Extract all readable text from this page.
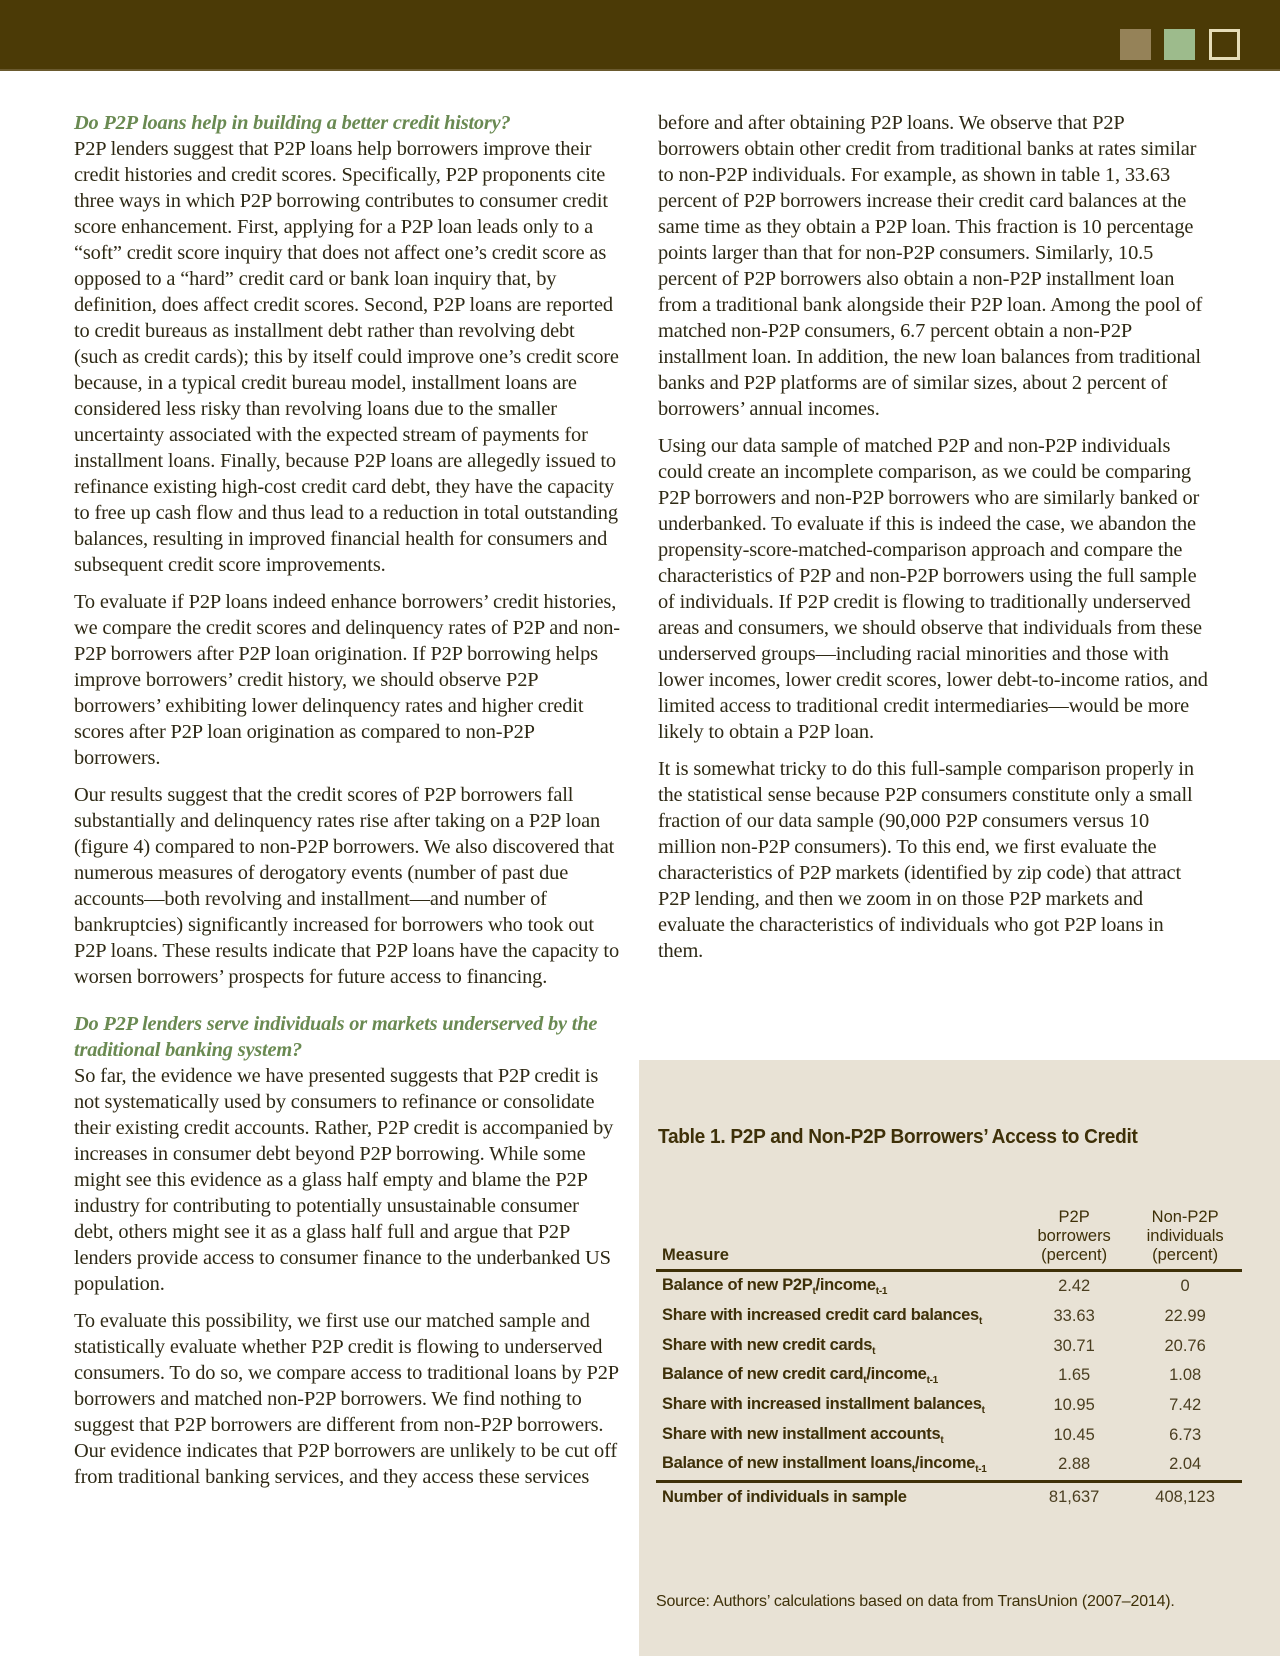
Do P2P loans help in building a better credit history?

P2P lenders suggest that P2P loans help borrowers improve their credit histories and credit scores. Specifically, P2P proponents cite three ways in which P2P borrowing contributes to consumer credit score enhancement. First, applying for a P2P loan leads only to a “soft” credit score inquiry that does not affect one’s credit score as opposed to a “hard” credit card or bank loan inquiry that, by definition, does affect credit scores. Second, P2P loans are reported to credit bureaus as installment debt rather than revolving debt (such as credit cards); this by itself could improve one’s credit score because, in a typical credit bureau model, installment loans are considered less risky than revolving loans due to the smaller uncertainty associated with the expected stream of payments for installment loans. Finally, because P2P loans are allegedly issued to refinance existing high-cost credit card debt, they have the capacity to free up cash flow and thus lead to a reduction in total outstanding balances, resulting in improved financial health for consumers and subsequent credit score improvements.

To evaluate if P2P loans indeed enhance borrowers’ credit histories, we compare the credit scores and delinquency rates of P2P and non-P2P borrowers after P2P loan origination. If P2P borrowing helps improve borrowers’ credit history, we should observe P2P borrowers’ exhibiting lower delinquency rates and higher credit scores after P2P loan origination as compared to non-P2P borrowers.

Our results suggest that the credit scores of P2P borrowers fall substantially and delinquency rates rise after taking on a P2P loan (figure 4) compared to non-P2P borrowers. We also discovered that numerous measures of derogatory events (number of past due accounts—both revolving and installment—and number of bankruptcies) significantly increased for borrowers who took out P2P loans. These results indicate that P2P loans have the capacity to worsen borrowers’ prospects for future access to financing.

Do P2P lenders serve individuals or markets underserved by the traditional banking system?

So far, the evidence we have presented suggests that P2P credit is not systematically used by consumers to refinance or consolidate their existing credit accounts. Rather, P2P credit is accompanied by increases in consumer debt beyond P2P borrowing. While some might see this evidence as a glass half empty and blame the P2P industry for contributing to potentially unsustainable consumer debt, others might see it as a glass half full and argue that P2P lenders provide access to consumer finance to the underbanked US population.

To evaluate this possibility, we first use our matched sample and statistically evaluate whether P2P credit is flowing to underserved consumers. To do so, we compare access to traditional loans by P2P borrowers and matched non-P2P borrowers. We find nothing to suggest that P2P borrowers are different from non-P2P borrowers. Our evidence indicates that P2P borrowers are unlikely to be cut off from traditional banking services, and they access these services

before and after obtaining P2P loans. We observe that P2P borrowers obtain other credit from traditional banks at rates similar to non-P2P individuals. For example, as shown in table 1, 33.63 percent of P2P borrowers increase their credit card balances at the same time as they obtain a P2P loan. This fraction is 10 percentage points larger than that for non-P2P consumers. Similarly, 10.5 percent of P2P borrowers also obtain a non-P2P installment loan from a traditional bank alongside their P2P loan. Among the pool of matched non-P2P consumers, 6.7 percent obtain a non-P2P installment loan. In addition, the new loan balances from traditional banks and P2P platforms are of similar sizes, about 2 percent of borrowers’ annual incomes.

Using our data sample of matched P2P and non-P2P individuals could create an incomplete comparison, as we could be comparing P2P borrowers and non-P2P borrowers who are similarly banked or underbanked. To evaluate if this is indeed the case, we abandon the propensity-score-matched-comparison approach and compare the characteristics of P2P and non-P2P borrowers using the full sample of individuals. If P2P credit is flowing to traditionally underserved areas and consumers, we should observe that individuals from these underserved groups—including racial minorities and those with lower incomes, lower credit scores, lower debt-to-income ratios, and limited access to traditional credit intermediaries—would be more likely to obtain a P2P loan.

It is somewhat tricky to do this full-sample comparison properly in the statistical sense because P2P consumers constitute only a small fraction of our data sample (90,000 P2P consumers versus 10 million non-P2P consumers). To this end, we first evaluate the characteristics of P2P markets (identified by zip code) that attract P2P lending, and then we zoom in on those P2P markets and evaluate the characteristics of individuals who got P2P loans in them.

Table 1. P2P and Non-P2P Borrowers’ Access to Credit
Measure	P2P
borrowers
(percent)	Non-P2P
individuals
(percent)
Balance of new $P2P_t/income_{t-1}$	2.42	0
Share with increased credit card balances$_t$	33.63	22.99
Share with new credit cards$_t$	30.71	20.76
Balance of new credit card$_t$/income$_{t-1}$	1.65	1.08
Share with increased installment balances$_t$	10.95	7.42
Share with new installment accounts$_t$	10.45	6.73
Balance of new installment loans$_t$/income$_{t-1}$	2.88	2.04
Number of individuals in sample	81,637	408,123
Source: Authors’ calculations based on data from TransUnion (2007–2014).
